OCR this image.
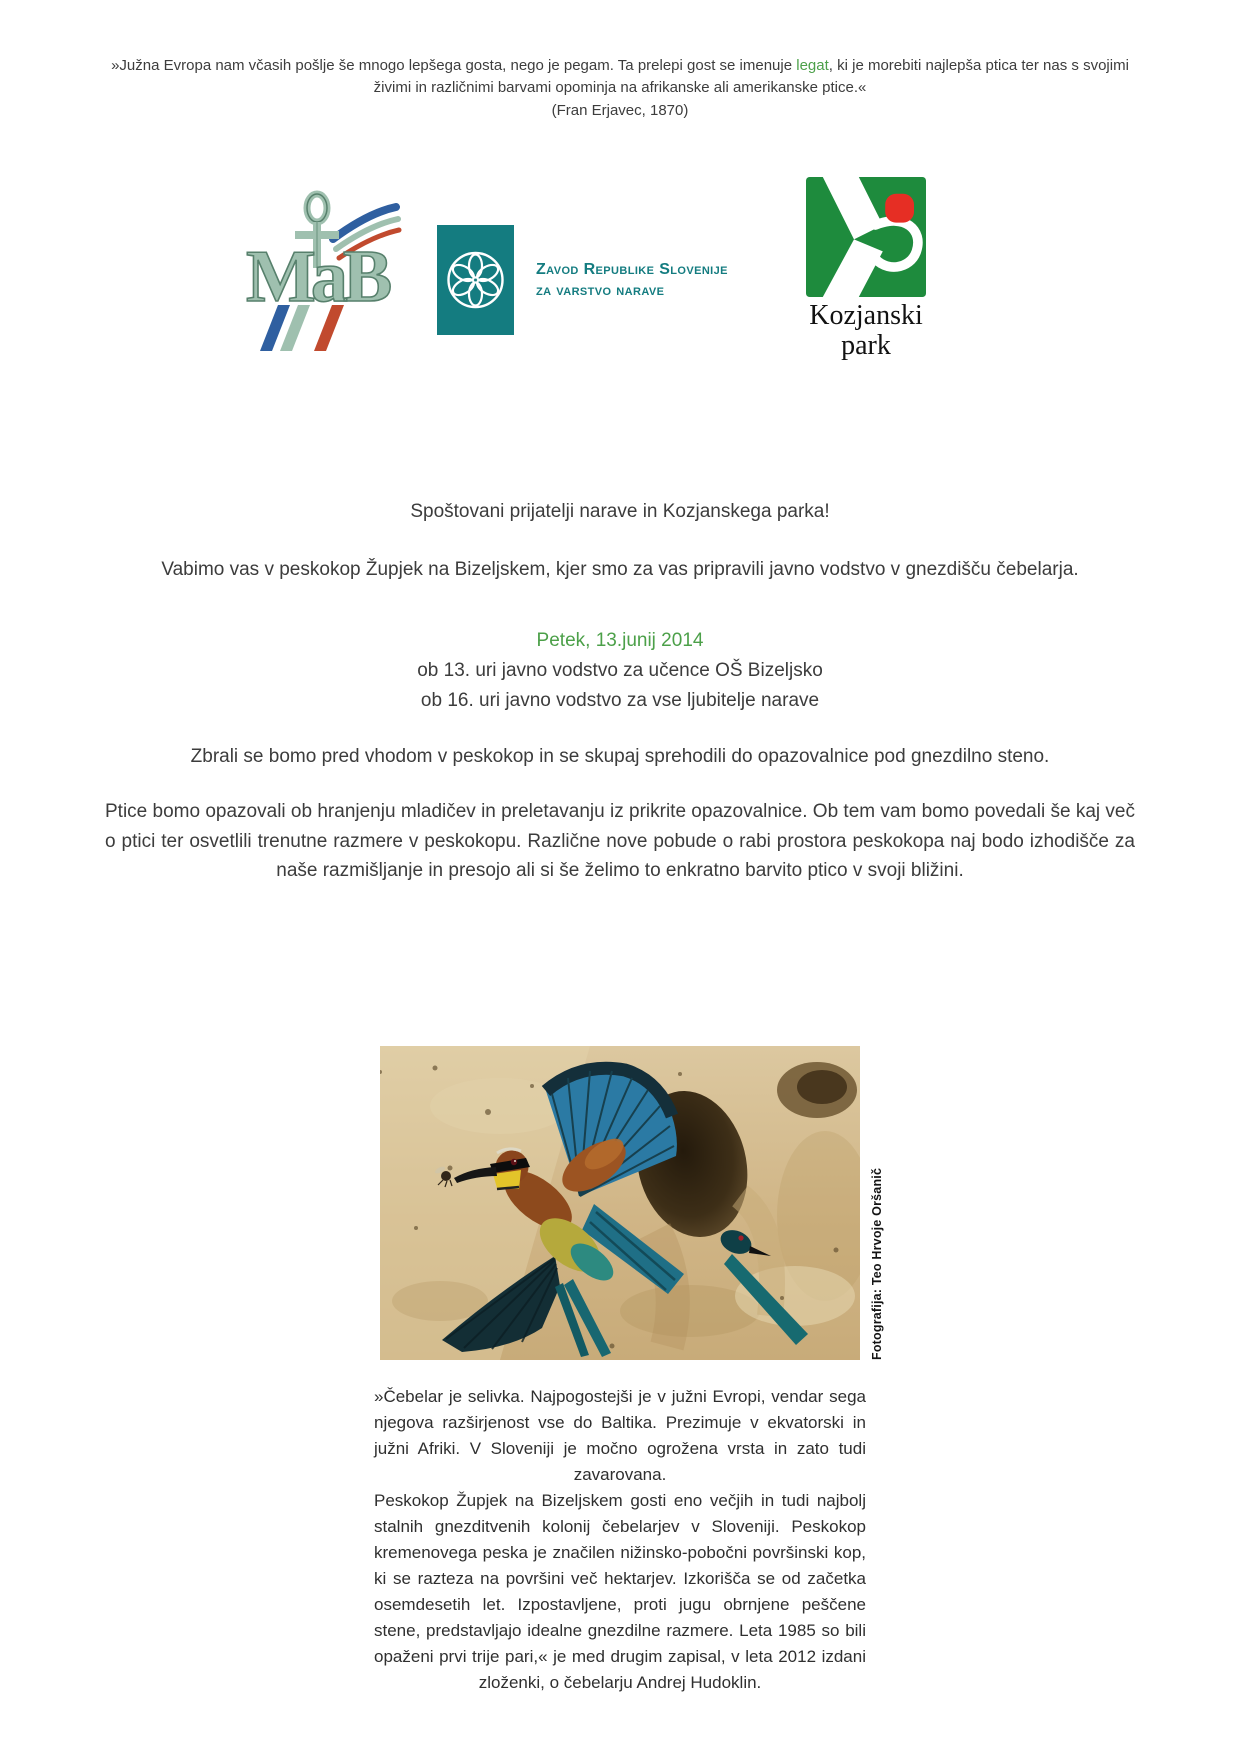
»Južna Evropa nam včasih pošlje še mnogo lepšega gosta, nego je pegam. Ta prelepi gost se imenuje legat, ki je morebiti najlepša ptica ter nas s svojimi živimi in različnimi barvami opominja na afrikanske ali amerikanske ptice.«

(Fran Erjavec, 1870)

MaB	Zavod Republike Slovenije
za varstvo narave
Kozjanski
park

Spoštovani prijatelji narave in Kozjanskega parka!

Vabimo vas v peskokop Župjek na Bizeljskem, kjer smo za vas pripravili javno vodstvo v gnezdišču čebelarja.

Petek, 13.junij 2014

ob 13. uri javno vodstvo za učence OŠ Bizeljsko

ob 16. uri javno vodstvo za vse ljubitelje narave

Zbrali se bomo pred vhodom v peskokop in se skupaj sprehodili do opazovalnice pod gnezdilno steno.

Ptice bomo opazovali ob hranjenju mladičev in preletavanju iz prikrite opazovalnice. Ob tem vam bomo povedali še kaj več o ptici ter osvetlili trenutne razmere v peskokopu. Različne nove pobude o rabi prostora peskokopa naj bodo izhodišče za naše razmišljanje in presojo ali si še želimo to enkratno barvito ptico v svoji bližini.

Fotografija: Teo Hrvoje Oršanič

»Čebelar je selivka. Najpogostejši je v južni Evropi, vendar sega njegova razširjenost vse do Baltika. Prezimuje v ekvatorski in južni Afriki. V Sloveniji je močno ogrožena vrsta in zato tudi zavarovana.

Peskokop Župjek na Bizeljskem gosti eno večjih in tudi najbolj stalnih gnezditvenih kolonij čebelarjev v Sloveniji. Peskokop kremenovega peska je značilen nižinsko-pobočni površinski kop, ki se razteza na površini več hektarjev. Izkorišča se od začetka osemdesetih let. Izpostavljene, proti jugu obrnjene peščene stene, predstavljajo idealne gnezdilne razmere. Leta 1985 so bili opaženi prvi trije pari,« je med drugim zapisal, v leta 2012 izdani zloženki, o čebelarju Andrej Hudoklin.
